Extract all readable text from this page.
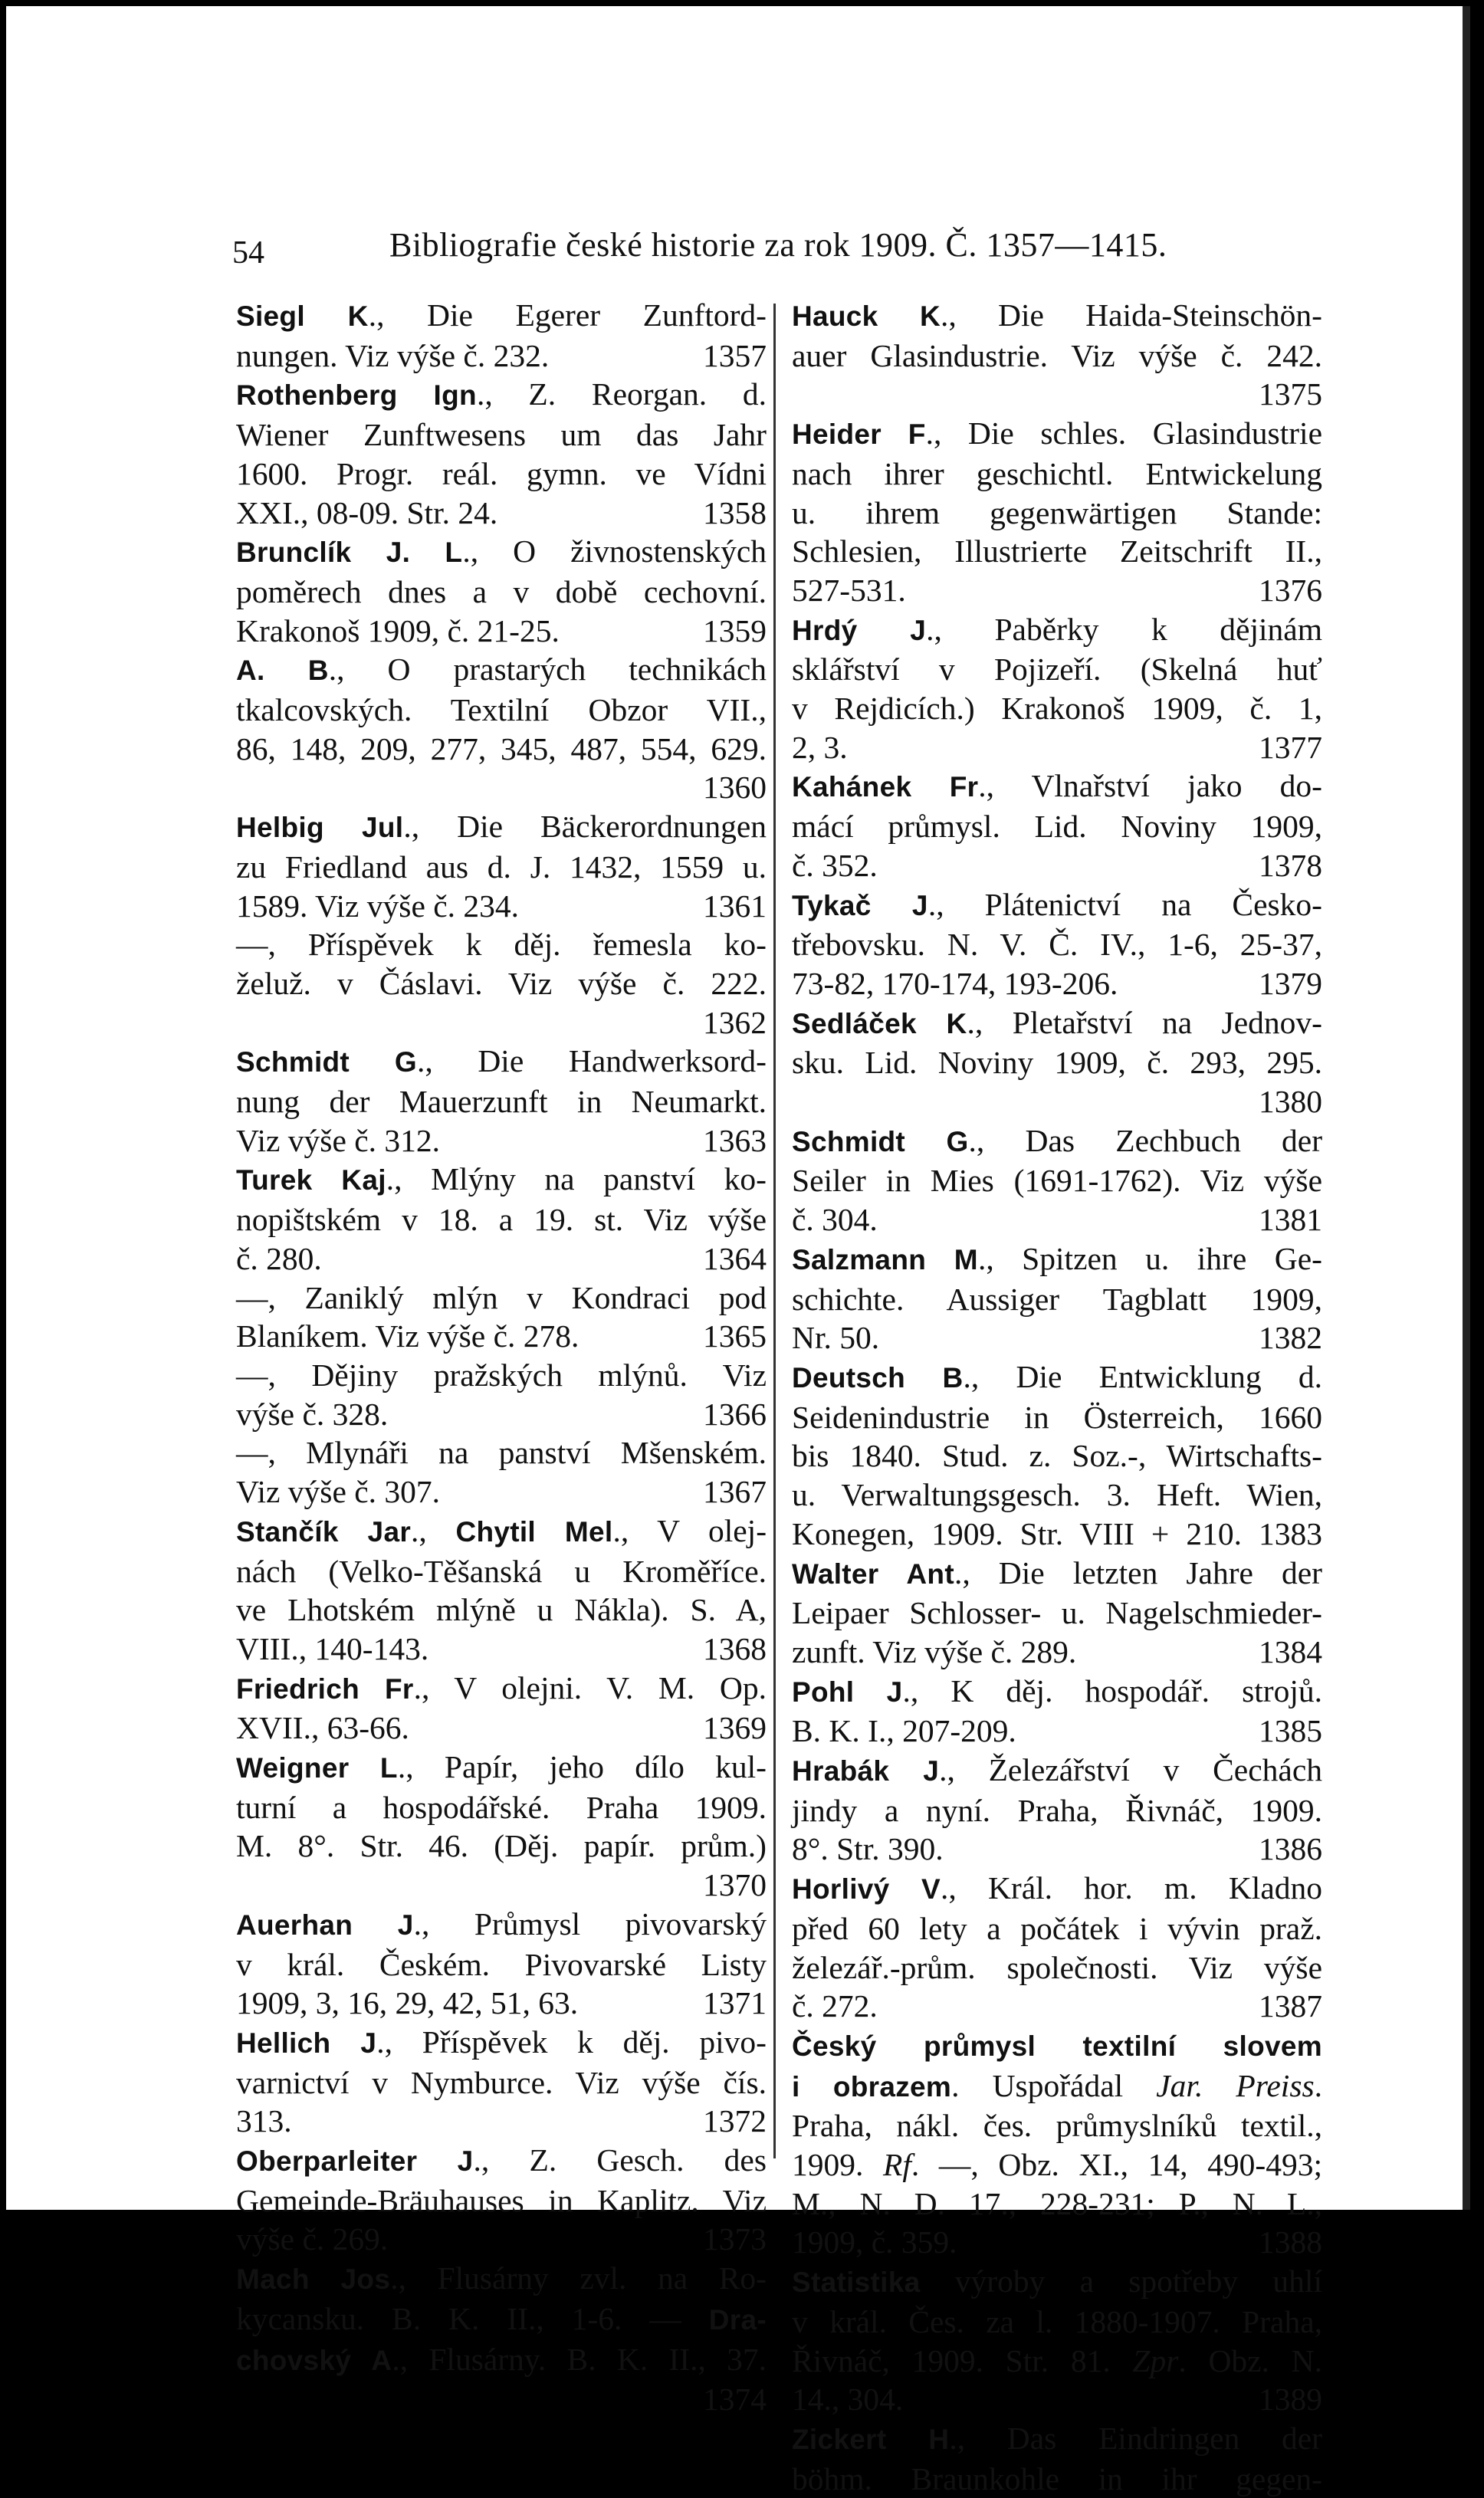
54	Bibliografie české historie za rok 1909. Č. 1357—1415.
Siegl K., Die Egerer Zunftord-
1357
nungen. Viz výše č. 232.
Rothenberg Ign., Z. Reorgan. d.
Wiener Zunftwesens um das Jahr
1600. Progr. reál. gymn. ve Vídni
1358
XXI., 08-09. Str. 24.
Brunclík J. L., O živnostenských
poměrech dnes a v době cechovní.
1359
Krakonoš 1909, č. 21-25.
A. B., O prastarých technikách
tkalcovských. Textilní Obzor VII.,
86, 148, 209, 277, 345, 487, 554, 629.
1360
Helbig Jul., Die Bäckerordnungen
zu Friedland aus d. J. 1432, 1559 u.
1361
1589. Viz výše č. 234.
—, Příspěvek k děj. řemesla ko-
želuž. v Čáslavi. Viz výše č. 222.
1362
Schmidt G., Die Handwerksord-
nung der Mauerzunft in Neumarkt.
1363
Viz výše č. 312.
Turek Kaj., Mlýny na panství ko-
nopištském v 18. a 19. st. Viz výše
1364
č. 280.
—, Zaniklý mlýn v Kondraci pod
1365
Blaníkem. Viz výše č. 278.
—, Dějiny pražských mlýnů. Viz
1366
výše č. 328.
—, Mlynáři na panství Mšenském.
1367
Viz výše č. 307.
Stančík Jar., Chytil Mel., V olej-
nách (Velko-Těšanská u Kroměříce.
ve Lhotském mlýně u Nákla). S. A,
1368
VIII., 140-143.
Friedrich Fr., V olejni. V. M. Op.
1369
XVII., 63-66.
Weigner L., Papír, jeho dílo kul-
turní a hospodářské. Praha 1909.
M. 8°. Str. 46. (Děj. papír. prům.)
1370
Auerhan J., Průmysl pivovarský
v král. Českém. Pivovarské Listy
1371
1909, 3, 16, 29, 42, 51, 63.
Hellich J., Příspěvek k děj. pivo-
varnictví v Nymburce. Viz výše čís.
1372
313.
Oberparleiter J., Z. Gesch. des
Gemeinde-Bräuhauses in Kaplitz. Viz
1373
výše č. 269.
Mach Jos., Flusárny zvl. na Ro-
kycansku. B. K. II., 1-6. — Dra-
chovský A., Flusárny. B. K. II., 37.
1374
Hauck K., Die Haida-Steinschön-
auer Glasindustrie. Viz výše č. 242.
1375
Heider F., Die schles. Glasindustrie
nach ihrer geschichtl. Entwickelung
u. ihrem gegenwärtigen Stande:
Schlesien, Illustrierte Zeitschrift II.,
1376
527-531.
Hrdý J., Paběrky k dějinám
sklářství v Pojizeří. (Skelná huť
v Rejdicích.) Krakonoš 1909, č. 1,
1377
2, 3.
Kahánek Fr., Vlnařství jako do-
mácí průmysl. Lid. Noviny 1909,
1378
č. 352.
Tykač J., Plátenictví na Česko-
třebovsku. N. V. Č. IV., 1-6, 25-37,
1379
73-82, 170-174, 193-206.
Sedláček K., Pletařství na Jednov-
sku. Lid. Noviny 1909, č. 293, 295.
1380
Schmidt G., Das Zechbuch der
Seiler in Mies (1691-1762). Viz výše
1381
č. 304.
Salzmann M., Spitzen u. ihre Ge-
schichte. Aussiger Tagblatt 1909,
1382
Nr. 50.
Deutsch B., Die Entwicklung d.
Seidenindustrie in Österreich, 1660
bis 1840. Stud. z. Soz.-, Wirtschafts-
u. Verwaltungsgesch. 3. Heft. Wien,
Konegen, 1909. Str. VIII + 210. 1383
Walter Ant., Die letzten Jahre der
Leipaer Schlosser- u. Nagelschmieder-
1384
zunft. Viz výše č. 289.
Pohl J., K děj. hospodář. strojů.
1385
B. K. I., 207-209.
Hrabák J., Železářství v Čechách
jindy a nyní. Praha, Řivnáč, 1909.
1386
8°. Str. 390.
Horlivý V., Král. hor. m. Kladno
před 60 lety a počátek i vývin praž.
železář.-prům. společnosti. Viz výše
1387
č. 272.
Český průmysl textilní slovem
i obrazem. Uspořádal Jar. Preiss.
Praha, nákl. čes. průmyslníků textil.,
1909. Rf. —, Obz. XI., 14, 490-493;
M., N. D. 17., 228-231; P., N. L.,
1388
1909, č. 359.
Statistika výroby a spotřeby uhlí
v král. Čes. za l. 1880-1907. Praha,
Řivnáč, 1909. Str. 81. Zpr. Obz. N.
1389
14., 304.
Zickert H., Das Eindringen der
böhm. Braunkohle in ihr gegen-
